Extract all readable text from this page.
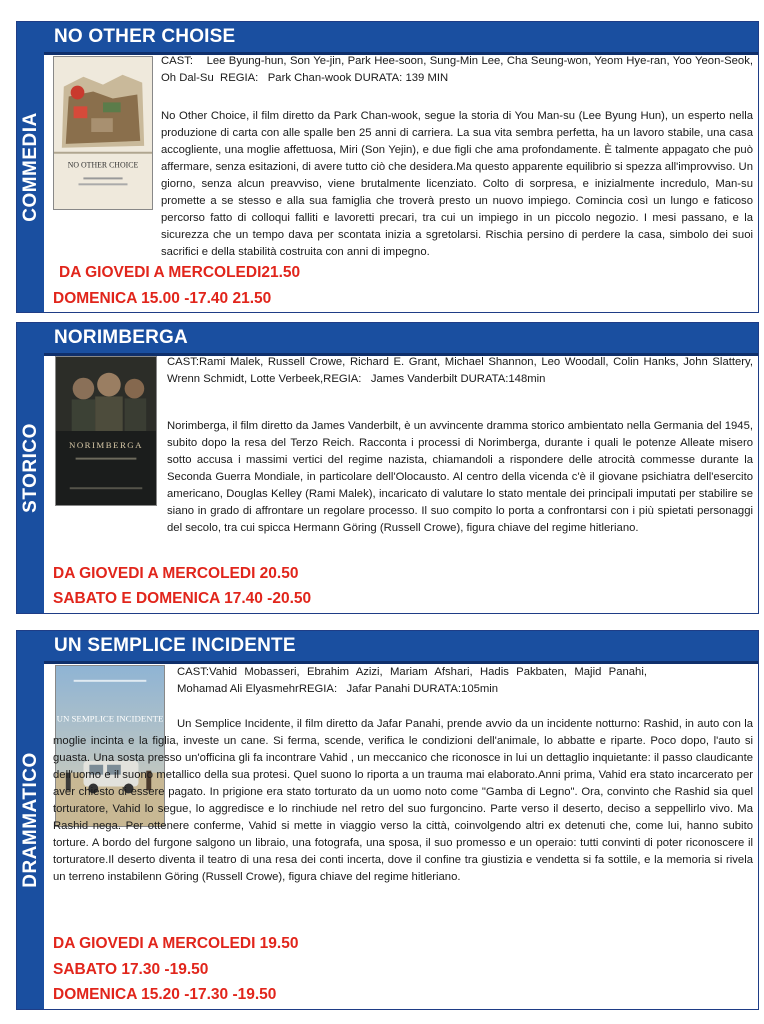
NO OTHER CHOISE
COMMEDIA	NO OTHER CHOICE
CAST: Lee Byung-hun, Son Ye-jin, Park Hee-soon, Sung-Min Lee, Cha Seung-won, Yeom Hye-ran, Yoo Yeon-Seok, Oh Dal-Su REGIA: Park Chan-wook DURATA: 139 MIN
No Other Choice, il film diretto da Park Chan-wook, segue la storia di You Man-su (Lee Byung Hun), un esperto nella produzione di carta con alle spalle ben 25 anni di carriera. La sua vita sembra perfetta, ha un lavoro stabile, una casa accogliente, una moglie affettuosa, Miri (Son Yejin), e due figli che ama profondamente. È talmente appagato che può affermare, senza esitazioni, di avere tutto ciò che desidera.Ma questo apparente equilibrio si spezza all'improvviso. Un giorno, senza alcun preavviso, viene brutalmente licenziato. Colto di sorpresa, e inizialmente incredulo, Man-su promette a se stesso e alla sua famiglia che troverà presto un nuovo impiego. Comincia così un lungo e faticoso percorso fatto di colloqui falliti e lavoretti precari, tra cui un impiego in un piccolo negozio. I mesi passano, e la sicurezza che un tempo dava per scontata inizia a sgretolarsi. Rischia persino di perdere la casa, simbolo dei suoi sacrifici e della stabilità costruita con anni di impegno.
DA GIOVEDI A MERCOLEDI21.50
DOMENICA 15.00 -17.40 21.50
NORIMBERGA
STORICO	NORIMBERGA
CAST:Rami Malek, Russell Crowe, Richard E. Grant, Michael Shannon, Leo Woodall, Colin Hanks, John Slattery, Wrenn Schmidt, Lotte Verbeek,REGIA: James Vanderbilt DURATA:148min
Norimberga, il film diretto da James Vanderbilt, è un avvincente dramma storico ambientato nella Germania del 1945, subito dopo la resa del Terzo Reich. Racconta i processi di Norimberga, durante i quali le potenze Alleate misero sotto accusa i massimi vertici del regime nazista, chiamandoli a rispondere delle atrocità commesse durante la Seconda Guerra Mondiale, in particolare dell'Olocausto. Al centro della vicenda c'è il giovane psichiatra dell'esercito americano, Douglas Kelley (Rami Malek), incaricato di valutare lo stato mentale dei principali imputati per stabilire se siano in grado di affrontare un regolare processo. Il suo compito lo porta a confrontarsi con i più spietati personaggi del secolo, tra cui spicca Hermann Göring (Russell Crowe), figura chiave del regime hitleriano.
DA GIOVEDI A MERCOLEDI 20.50
SABATO E DOMENICA 17.40 -20.50
UN SEMPLICE INCIDENTE
DRAMMATICO
UN SEMPLICE INCIDENTE
CAST:Vahid Mobasseri, Ebrahim Azizi, Mariam Afshari, Hadis Pakbaten, Majid Panahi, Mohamad Ali ElyasmehrREGIA: Jafar Panahi DURATA:105min
Un Semplice Incidente, il film diretto da Jafar Panahi, prende avvio da un incidente notturno: Rashid, in auto con la moglie incinta e la figlia, investe un cane. Si ferma, scende, verifica le condizioni dell'animale, lo abbatte e riparte. Poco dopo, l'auto si guasta. Una sosta presso un'officina gli fa incontrare Vahid , un meccanico che riconosce in lui un dettaglio inquietante: il passo claudicante dell'uomo e il suono metallico della sua protesi. Quel suono lo riporta a un trauma mai elaborato.Anni prima, Vahid era stato incarcerato per aver chiesto di essere pagato. In prigione era stato torturato da un uomo noto come "Gamba di Legno". Ora, convinto che Rashid sia quel torturatore, Vahid lo segue, lo aggredisce e lo rinchiude nel retro del suo furgoncino. Parte verso il deserto, deciso a seppellirlo vivo. Ma Rashid nega. Per ottenere conferme, Vahid si mette in viaggio verso la città, coinvolgendo altri ex detenuti che, come lui, hanno subito torture. A bordo del furgone salgono un libraio, una fotografa, una sposa, il suo promesso e un operaio: tutti convinti di poter riconoscere il torturatore.Il deserto diventa il teatro di una resa dei conti incerta, dove il confine tra giustizia e vendetta si fa sottile, e la memoria si rivela un terreno instabilenn Göring (Russell Crowe), figura chiave del regime hitleriano.
DA GIOVEDI A MERCOLEDI 19.50
SABATO 17.30 -19.50
DOMENICA 15.20 -17.30 -19.50
